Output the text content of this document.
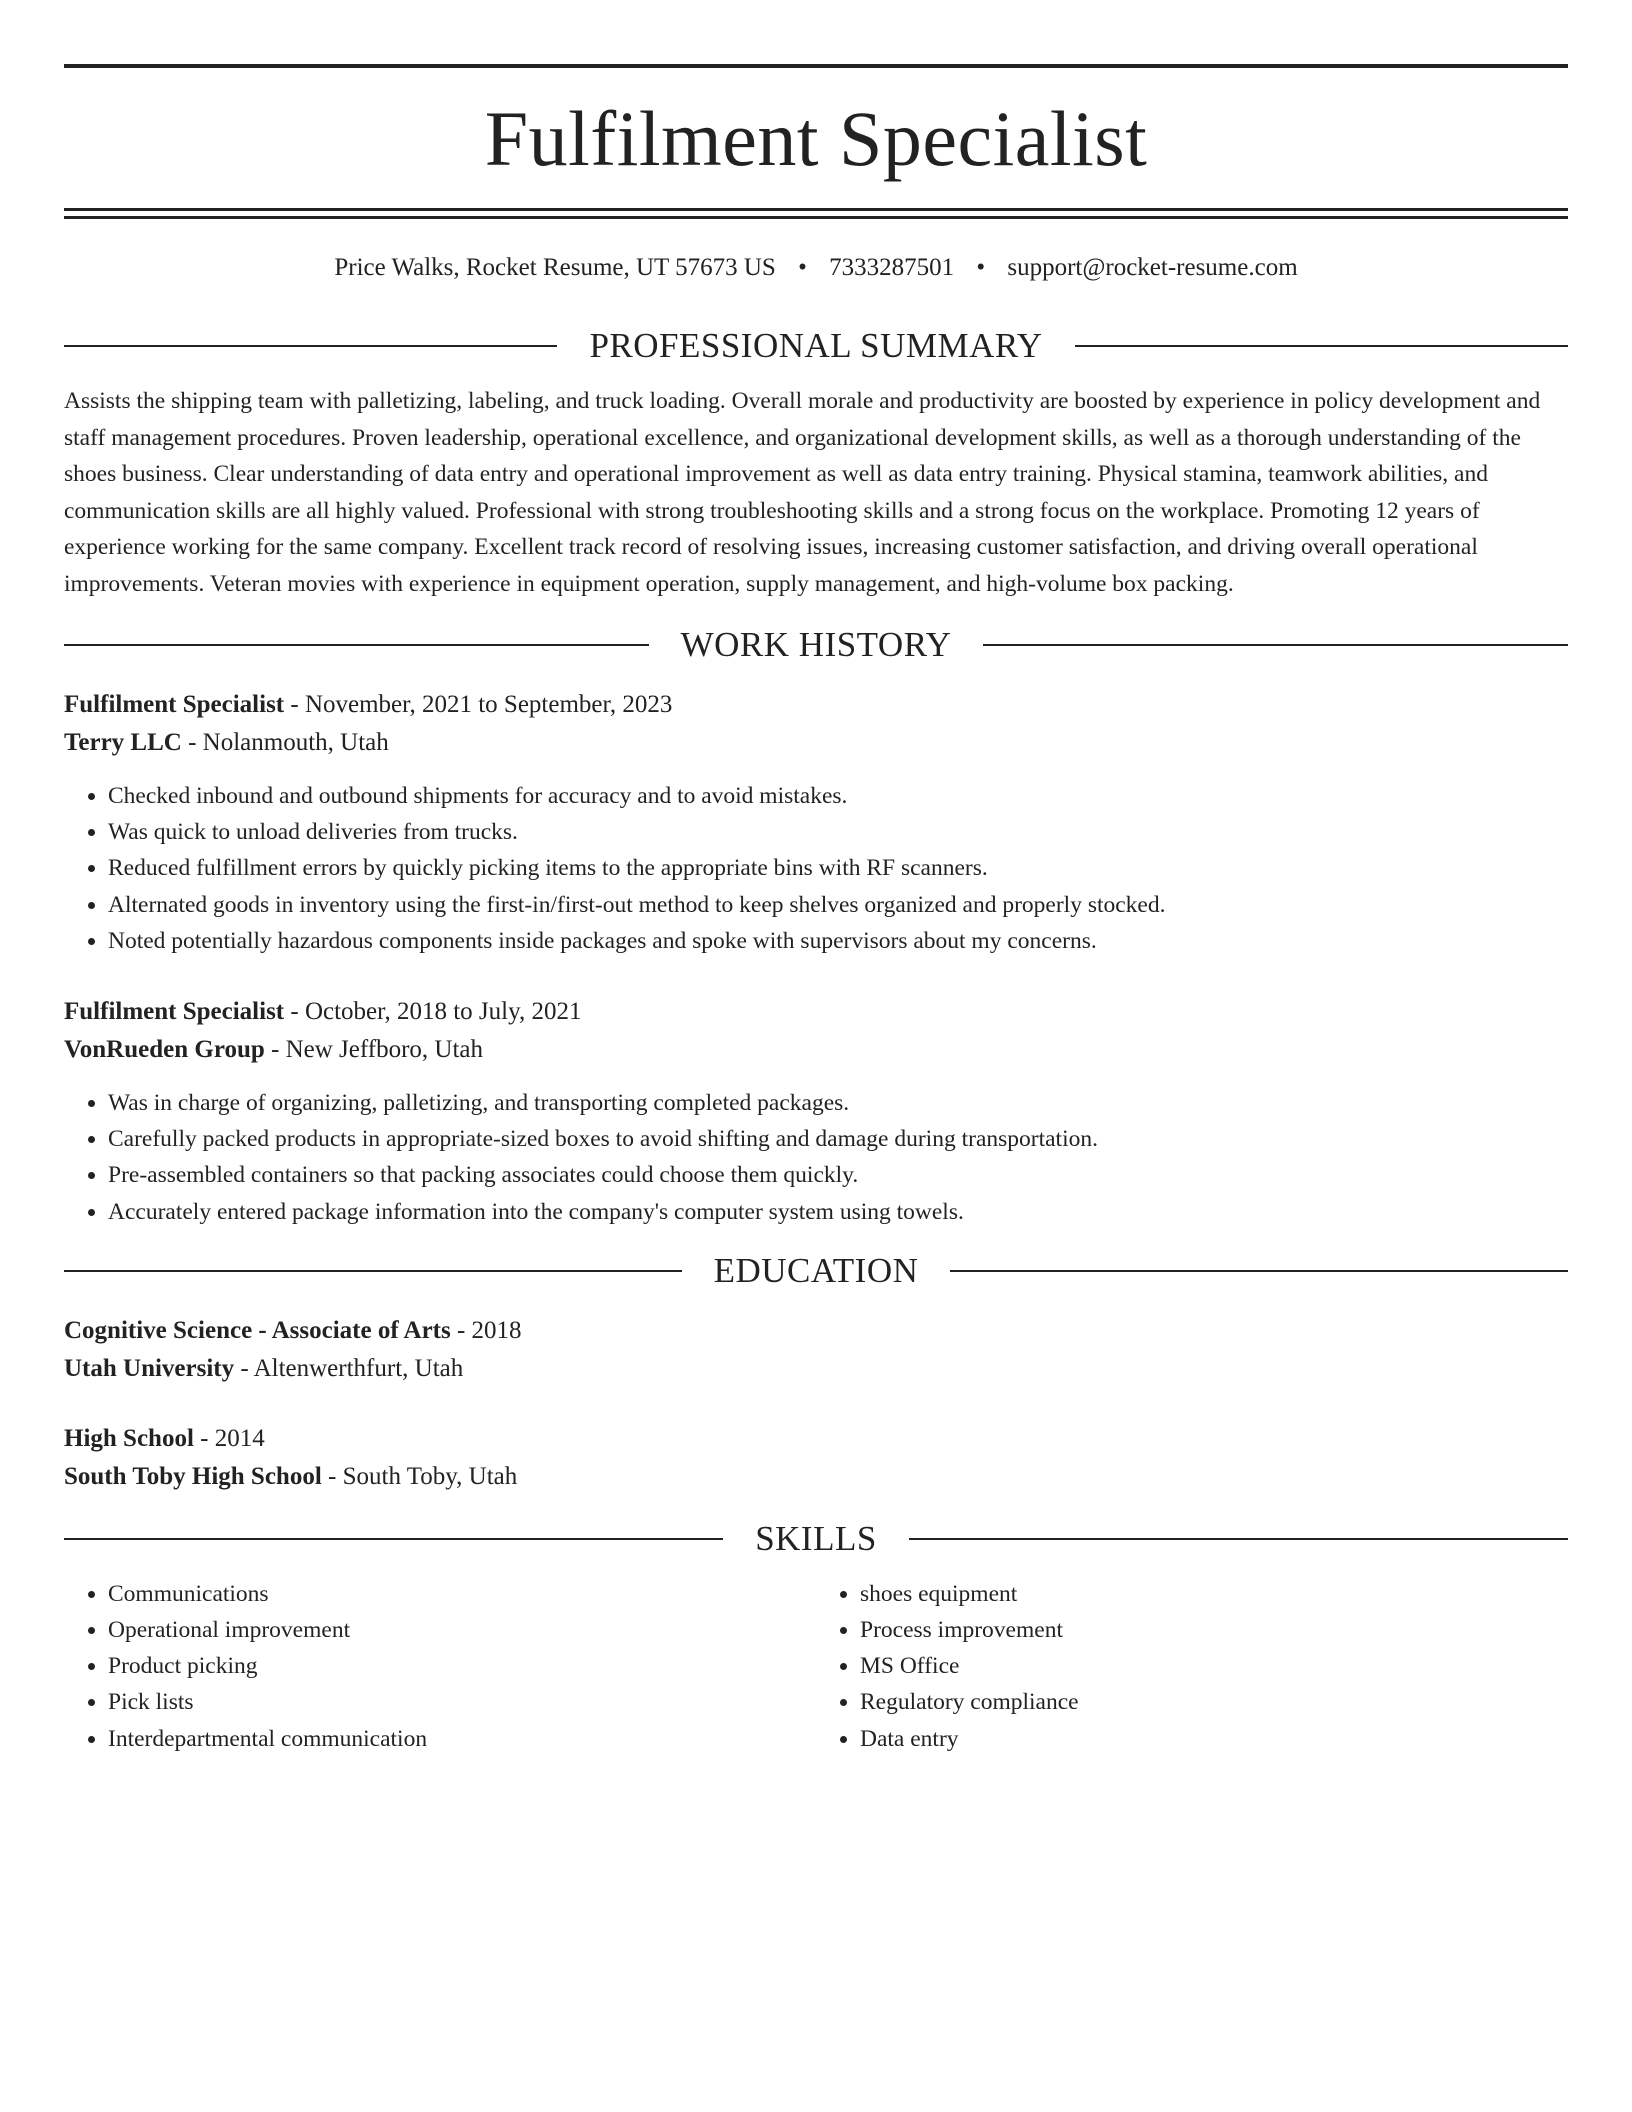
Fulfilment Specialist
Price Walks, Rocket Resume, UT 57673 US • 7333287501 • support@rocket-resume.com
PROFESSIONAL SUMMARY

Assists the shipping team with palletizing, labeling, and truck loading. Overall morale and productivity are boosted by experience in policy development and staff management procedures. Proven leadership, operational excellence, and organizational development skills, as well as a thorough understanding of the shoes business. Clear understanding of data entry and operational improvement as well as data entry training. Physical stamina, teamwork abilities, and communication skills are all highly valued. Professional with strong troubleshooting skills and a strong focus on the workplace. Promoting 12 years of experience working for the same company. Excellent track record of resolving issues, increasing customer satisfaction, and driving overall operational improvements. Veteran movies with experience in equipment operation, supply management, and high-volume box packing.

WORK HISTORY
Fulfilment Specialist - November, 2021 to September, 2023
Terry LLC - Nolanmouth, Utah
• Checked inbound and outbound shipments for accuracy and to avoid mistakes.
• Was quick to unload deliveries from trucks.
• Reduced fulfillment errors by quickly picking items to the appropriate bins with RF scanners.
• Alternated goods in inventory using the first-in/first-out method to keep shelves organized and properly stocked.
• Noted potentially hazardous components inside packages and spoke with supervisors about my concerns.
Fulfilment Specialist - October, 2018 to July, 2021
VonRueden Group - New Jeffboro, Utah
• Was in charge of organizing, palletizing, and transporting completed packages.
• Carefully packed products in appropriate-sized boxes to avoid shifting and damage during transportation.
• Pre-assembled containers so that packing associates could choose them quickly.
• Accurately entered package information into the company's computer system using towels.
EDUCATION
Cognitive Science - Associate of Arts - 2018
Utah University - Altenwerthfurt, Utah
High School - 2014
South Toby High School - South Toby, Utah
SKILLS
• Communications
• Operational improvement
• Product picking
• Pick lists
• Interdepartmental communication
• shoes equipment
• Process improvement
• MS Office
• Regulatory compliance
• Data entry
